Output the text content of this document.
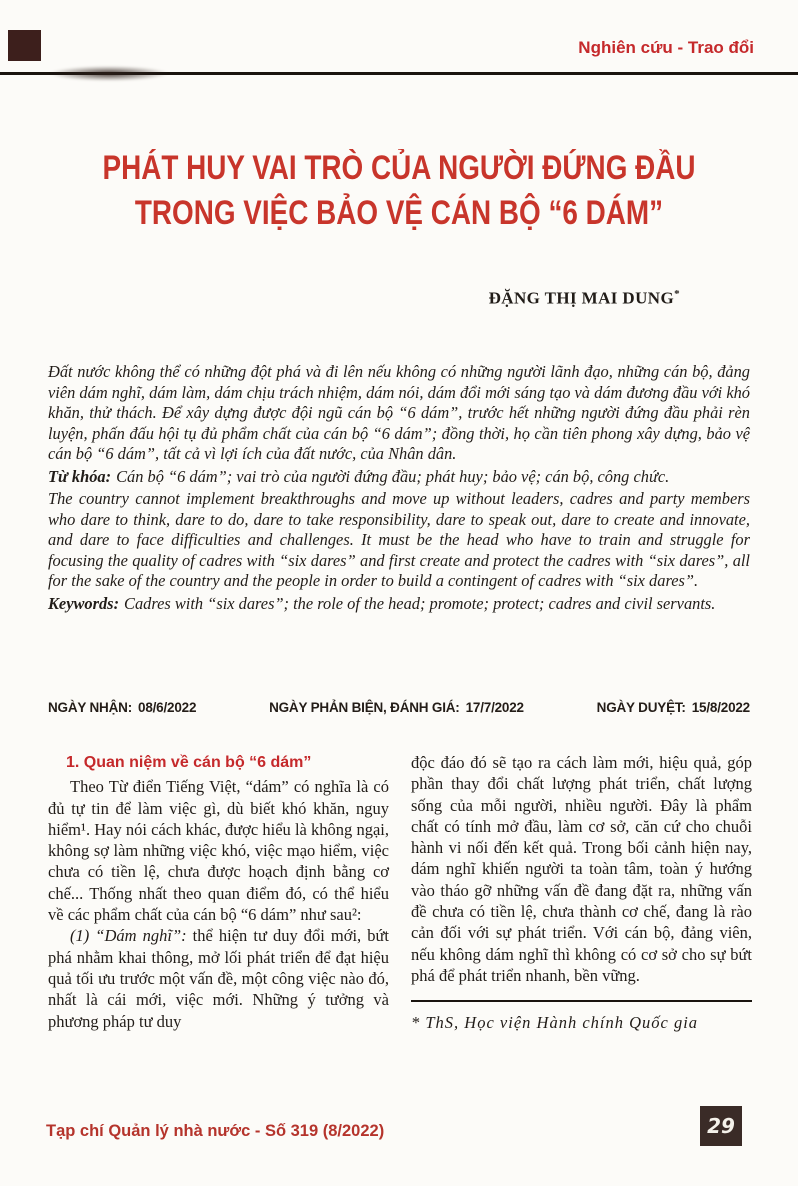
Nghiên cứu - Trao đổi
PHÁT HUY VAI TRÒ CỦA NGƯỜI ĐỨNG ĐẦU
TRONG VIỆC BẢO VỆ CÁN BỘ “6 DÁM”
ĐẶNG THỊ MAI DUNG*

Đất nước không thể có những đột phá và đi lên nếu không có những người lãnh đạo, những cán bộ, đảng viên dám nghĩ, dám làm, dám chịu trách nhiệm, dám nói, dám đổi mới sáng tạo và dám đương đầu với khó khăn, thử thách. Để xây dựng được đội ngũ cán bộ “6 dám”, trước hết những người đứng đầu phải rèn luyện, phấn đấu hội tụ đủ phẩm chất của cán bộ “6 dám”; đồng thời, họ cần tiên phong xây dựng, bảo vệ cán bộ “6 dám”, tất cả vì lợi ích của đất nước, của Nhân dân.

Từ khóa: Cán bộ “6 dám”; vai trò của người đứng đầu; phát huy; bảo vệ; cán bộ, công chức.

The country cannot implement breakthroughs and move up without leaders, cadres and party members who dare to think, dare to do, dare to take responsibility, dare to speak out, dare to create and innovate, and dare to face difficulties and challenges. It must be the head who have to train and struggle for focusing the quality of cadres with “six dares” and first create and protect the cadres with “six dares”, all for the sake of the country and the people in order to build a contingent of cadres with “six dares”.

Keywords: Cadres with “six dares”; the role of the head; promote; protect; cadres and civil servants.

NGÀY NHẬN: 08/6/2022	NGÀY PHẢN BIỆN, ĐÁNH GIÁ: 17/7/2022	NGÀY DUYỆT: 15/8/2022
1. Quan niệm về cán bộ “6 dám”

Theo Từ điển Tiếng Việt, “dám” có nghĩa là có đủ tự tin để làm việc gì, dù biết khó khăn, nguy hiểm¹. Hay nói cách khác, được hiểu là không ngại, không sợ làm những việc khó, việc mạo hiểm, việc chưa có tiền lệ, chưa được hoạch định bằng cơ chế... Thống nhất theo quan điểm đó, có thể hiểu về các phẩm chất của cán bộ “6 dám” như sau²:

(1) “Dám nghĩ”: thể hiện tư duy đổi mới, bứt phá nhằm khai thông, mở lối phát triển để đạt hiệu quả tối ưu trước một vấn đề, một công việc nào đó, nhất là cái mới, việc mới. Những ý tưởng và phương pháp tư duy

độc đáo đó sẽ tạo ra cách làm mới, hiệu quả, góp phần thay đổi chất lượng phát triển, chất lượng sống của mỗi người, nhiều người. Đây là phẩm chất có tính mở đầu, làm cơ sở, căn cứ cho chuỗi hành vi nối đến kết quả. Trong bối cảnh hiện nay, dám nghĩ khiến người ta toàn tâm, toàn ý hướng vào tháo gỡ những vấn đề đang đặt ra, những vấn đề chưa có tiền lệ, chưa thành cơ chế, đang là rào cản đối với sự phát triển. Với cán bộ, đảng viên, nếu không dám nghĩ thì không có cơ sở cho sự bứt phá để phát triển nhanh, bền vững.

* ThS, Học viện Hành chính Quốc gia

Tạp chí Quản lý nhà nước - Số 319 (8/2022)	29
